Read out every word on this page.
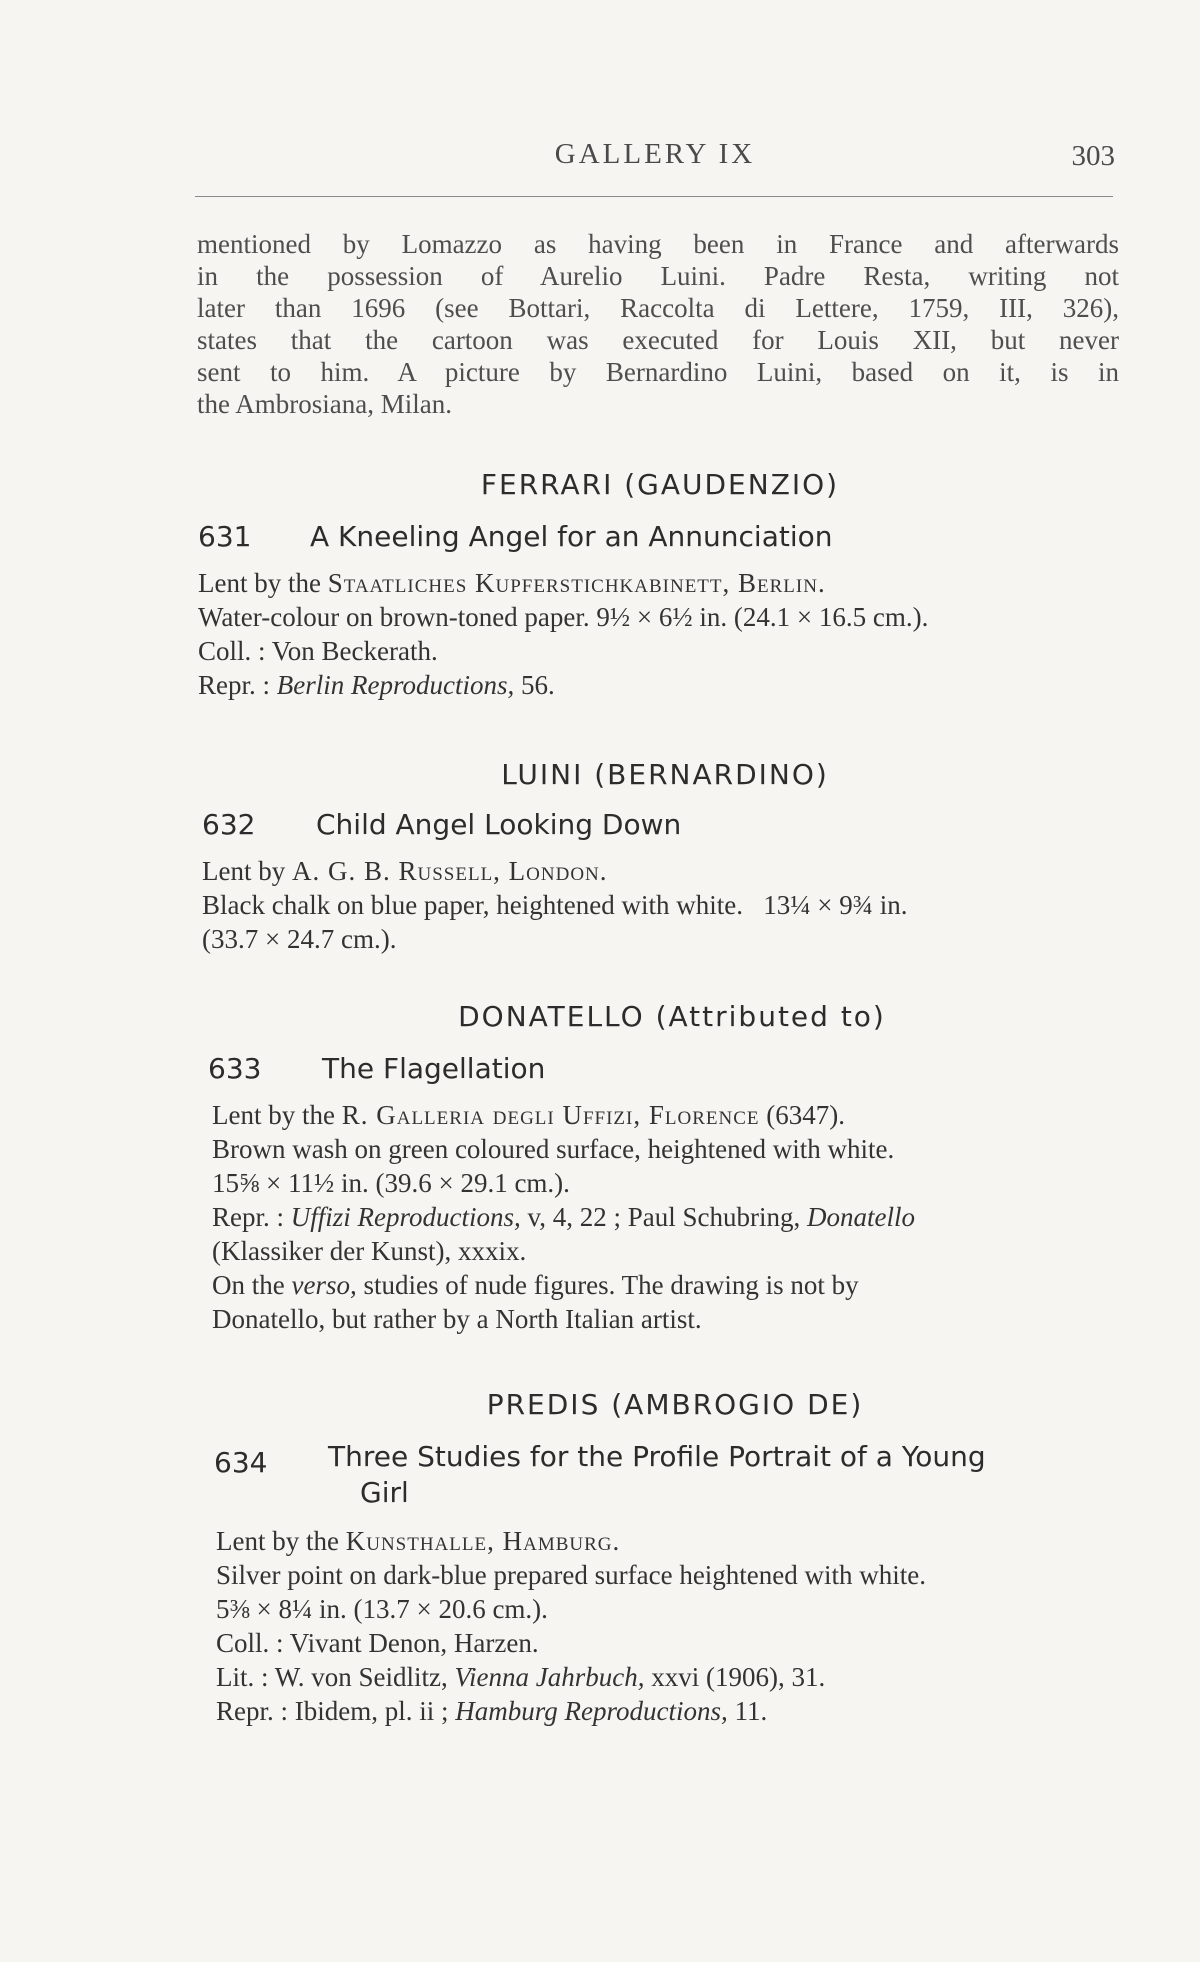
GALLERY IX	303
mentioned by Lomazzo as having been in France and afterwards
in the possession of Aurelio Luini. Padre Resta, writing not
later than 1696 (see Bottari, Raccolta di Lettere, 1759, III, 326),
states that the cartoon was executed for Louis XII, but never
sent to him. A picture by Bernardino Luini, based on it, is in
the Ambrosiana, Milan.
FERRARI (GAUDENZIO)
631 A Kneeling Angel for an Annunciation
Lent by the Staatliches Kupferstichkabinett, Berlin.
Water-colour on brown-toned paper. 9½ × 6½ in. (24.1 × 16.5 cm.).
Coll. : Von Beckerath.
Repr. : Berlin Reproductions, 56.
LUINI (BERNARDINO)
632 Child Angel Looking Down
Lent by A. G. B. Russell, London.
Black chalk on blue paper, heightened with white. 13¼ × 9¾ in.
(33.7 × 24.7 cm.).
DONATELLO (Attributed to)
633 The Flagellation
Lent by the R. Galleria degli Uffizi, Florence (6347).
Brown wash on green coloured surface, heightened with white.
15⅝ × 11½ in. (39.6 × 29.1 cm.).
Repr. : Uffizi Reproductions, v, 4, 22 ; Paul Schubring, Donatello
(Klassiker der Kunst), xxxix.
On the verso, studies of nude figures. The drawing is not by
Donatello, but rather by a North Italian artist.
PREDIS (AMBROGIO DE)
634 Three Studies for the Profile Portrait of a Young
Girl
Lent by the Kunsthalle, Hamburg.
Silver point on dark-blue prepared surface heightened with white.
5⅜ × 8¼ in. (13.7 × 20.6 cm.).
Coll. : Vivant Denon, Harzen.
Lit. : W. von Seidlitz, Vienna Jahrbuch, xxvi (1906), 31.
Repr. : Ibidem, pl. ii ; Hamburg Reproductions, 11.
